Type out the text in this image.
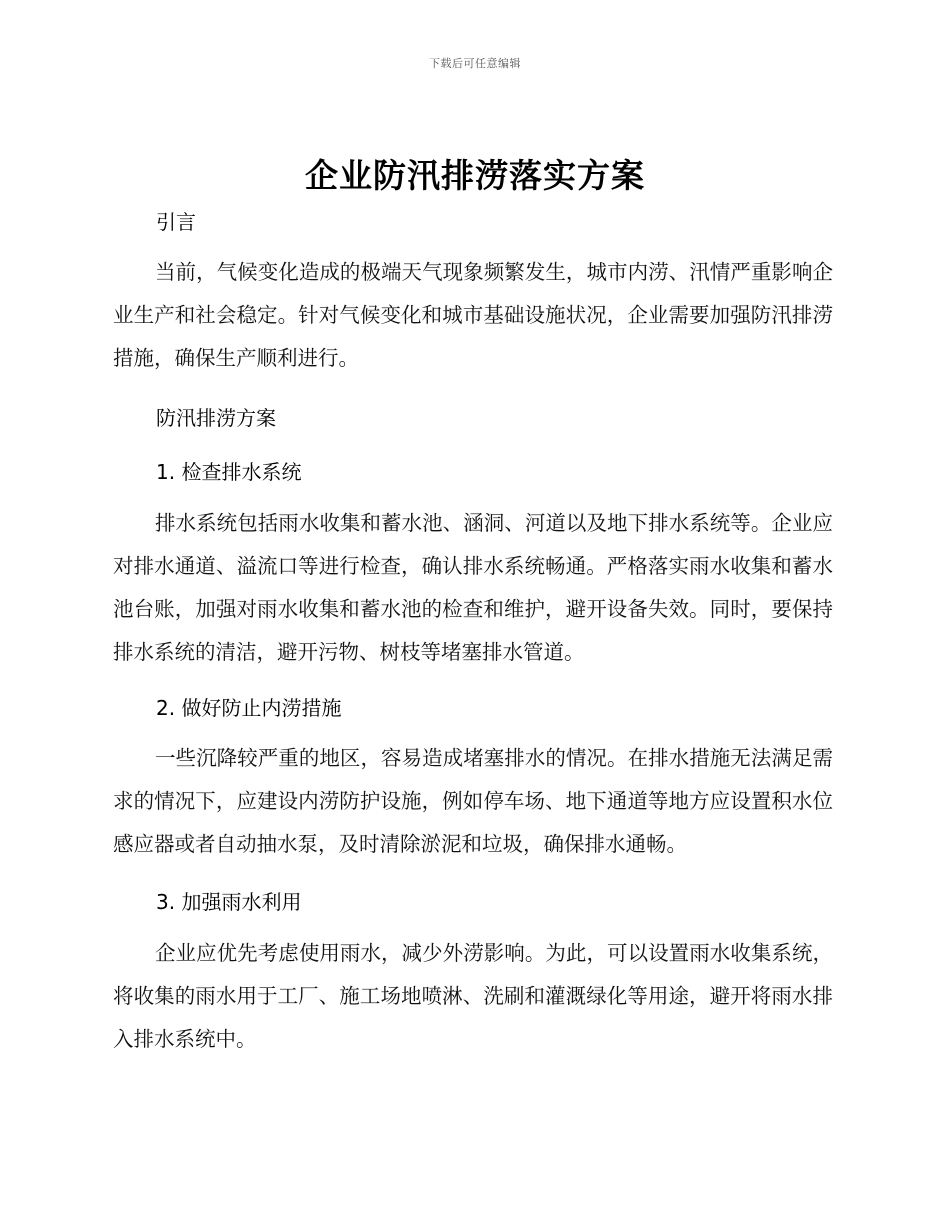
下载后可任意编辑
企业防汛排涝落实方案
引言
当前，气候变化造成的极端天气现象频繁发生，城市内涝、汛情严重影响企业生产和社会稳定。针对气候变化和城市基础设施状况，企业需要加强防汛排涝措施，确保生产顺利进行。
防汛排涝方案
1. 检查排水系统
排水系统包括雨水收集和蓄水池、涵洞、河道以及地下排水系统等。企业应对排水通道、溢流口等进行检查，确认排水系统畅通。严格落实雨水收集和蓄水池台账，加强对雨水收集和蓄水池的检查和维护，避开设备失效。同时，要保持排水系统的清洁，避开污物、树枝等堵塞排水管道。
2. 做好防止内涝措施
一些沉降较严重的地区，容易造成堵塞排水的情况。在排水措施无法满足需求的情况下，应建设内涝防护设施，例如停车场、地下通道等地方应设置积水位感应器或者自动抽水泵，及时清除淤泥和垃圾，确保排水通畅。
3. 加强雨水利用
企业应优先考虑使用雨水，减少外涝影响。为此，可以设置雨水收集系统，将收集的雨水用于工厂、施工场地喷淋、洗刷和灌溉绿化等用途，避开将雨水排入排水系统中。
